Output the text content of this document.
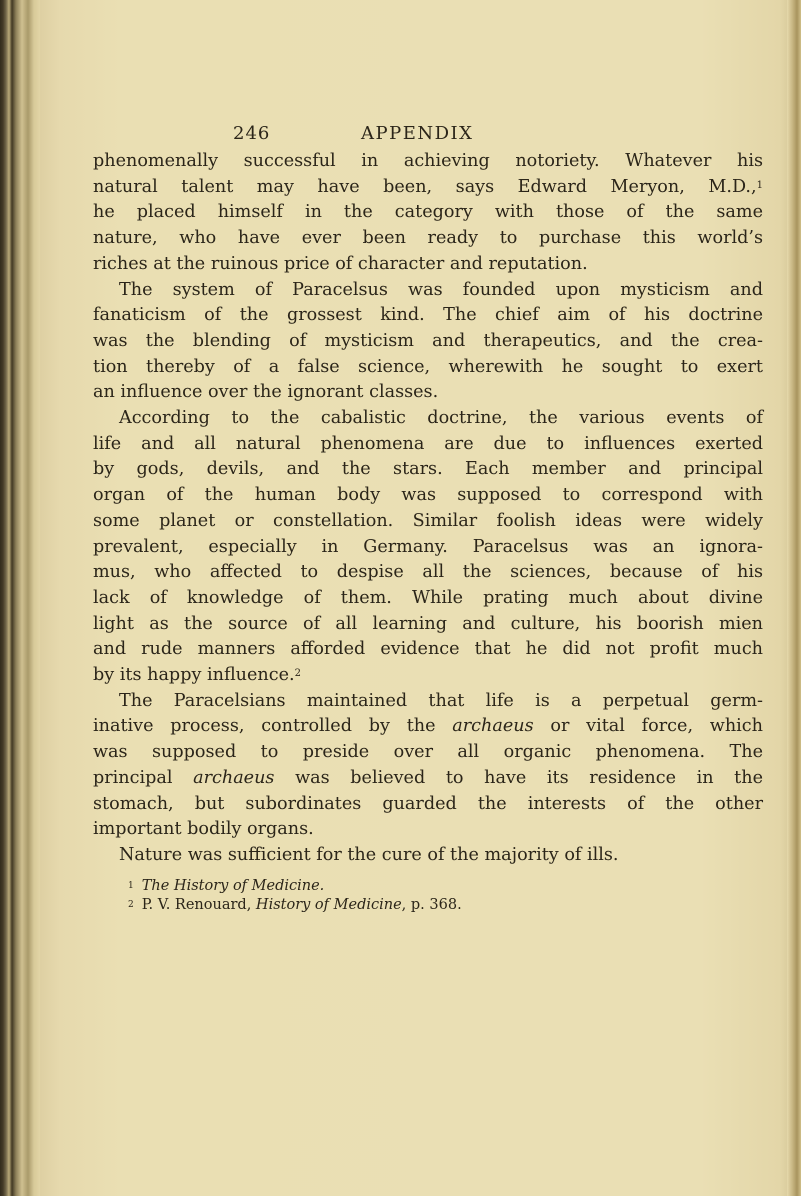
246	APPENDIX
phenomenally successful in achieving notoriety. Whatever his
natural talent may have been, says Edward Meryon, M.D.,$^1$
he placed himself in the category with those of the same
nature, who have ever been ready to purchase this world’s
riches at the ruinous price of character and reputation.
The system of Paracelsus was founded upon mysticism and
fanaticism of the grossest kind. The chief aim of his doctrine
was the blending of mysticism and therapeutics, and the crea-
tion thereby of a false science, wherewith he sought to exert
an influence over the ignorant classes.
According to the cabalistic doctrine, the various events of
life and all natural phenomena are due to influences exerted
by gods, devils, and the stars. Each member and principal
organ of the human body was supposed to correspond with
some planet or constellation. Similar foolish ideas were widely
prevalent, especially in Germany. Paracelsus was an ignora-
mus, who affected to despise all the sciences, because of his
lack of knowledge of them. While prating much about divine
light as the source of all learning and culture, his boorish mien
and rude manners afforded evidence that he did not profit much
by its happy influence.$^2$
The Paracelsians maintained that life is a perpetual germ-
inative process, controlled by the archaeus or vital force, which
was supposed to preside over all organic phenomena. The
principal archaeus was believed to have its residence in the
stomach, but subordinates guarded the interests of the other
important bodily organs.
Nature was sufficient for the cure of the majority of ills.
$^1$ The History of Medicine.
$^2$ P. V. Renouard, History of Medicine, p. 368.
